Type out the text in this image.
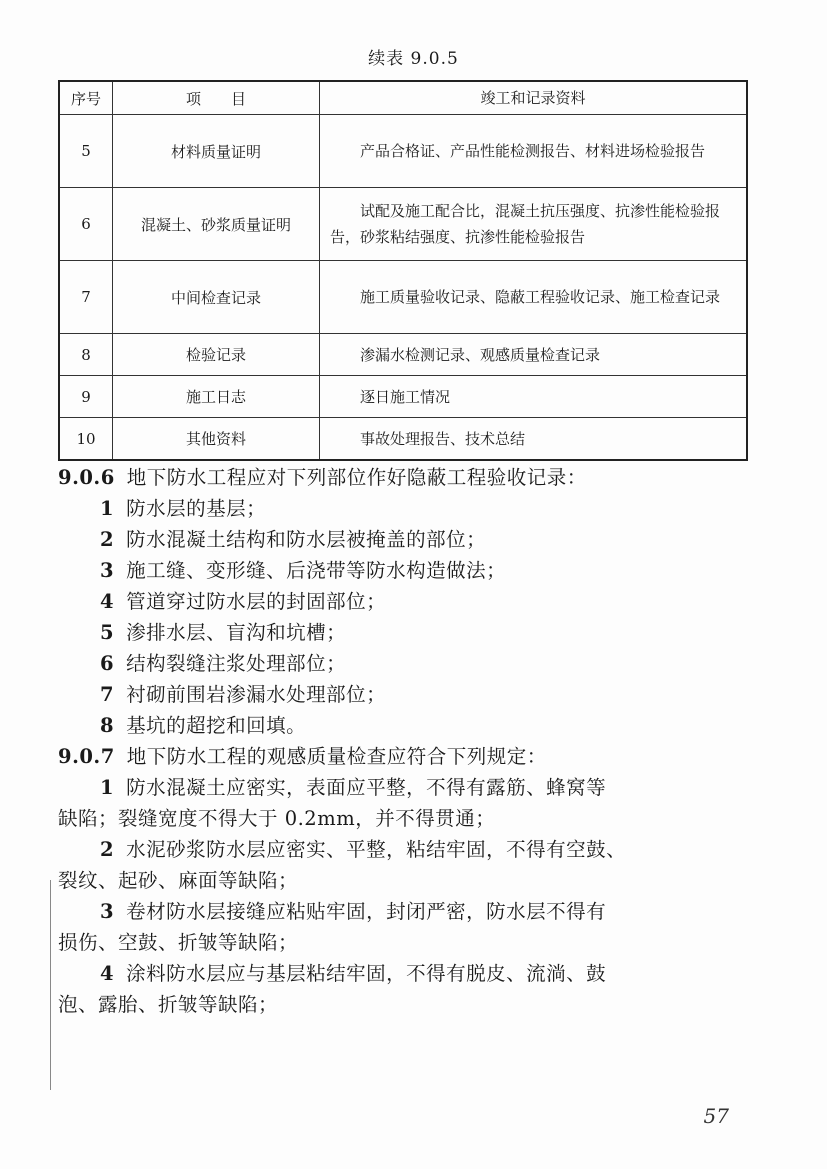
续表 9.0.5
序号	项　　目	竣工和记录资料
5	材料质量证明	产品合格证、产品性能检测报告、材料进场检验报告

6	混凝土、砂浆质量证明	试配及施工配合比，混凝土抗压强度、抗渗性能检验报告，砂浆粘结强度、抗渗性能检验报告

7	中间检查记录	施工质量验收记录、隐蔽工程验收记录、施工检查记录

8	检验记录	渗漏水检测记录、观感质量检查记录

9	施工日志	逐日施工情况

10	其他资料	事故处理报告、技术总结
9.0.6 地下防水工程应对下列部位作好隐蔽工程验收记录：
1 防水层的基层；
2 防水混凝土结构和防水层被掩盖的部位；
3 施工缝、变形缝、后浇带等防水构造做法；
4 管道穿过防水层的封固部位；
5 渗排水层、盲沟和坑槽；
6 结构裂缝注浆处理部位；
7 衬砌前围岩渗漏水处理部位；
8 基坑的超挖和回填。
9.0.7 地下防水工程的观感质量检查应符合下列规定：
1 防水混凝土应密实，表面应平整，不得有露筋、蜂窝等
缺陷；裂缝宽度不得大于 0.2mm，并不得贯通；
2 水泥砂浆防水层应密实、平整，粘结牢固，不得有空鼓、
裂纹、起砂、麻面等缺陷；
3 卷材防水层接缝应粘贴牢固，封闭严密，防水层不得有
损伤、空鼓、折皱等缺陷；
4 涂料防水层应与基层粘结牢固，不得有脱皮、流淌、鼓
泡、露胎、折皱等缺陷；
57
